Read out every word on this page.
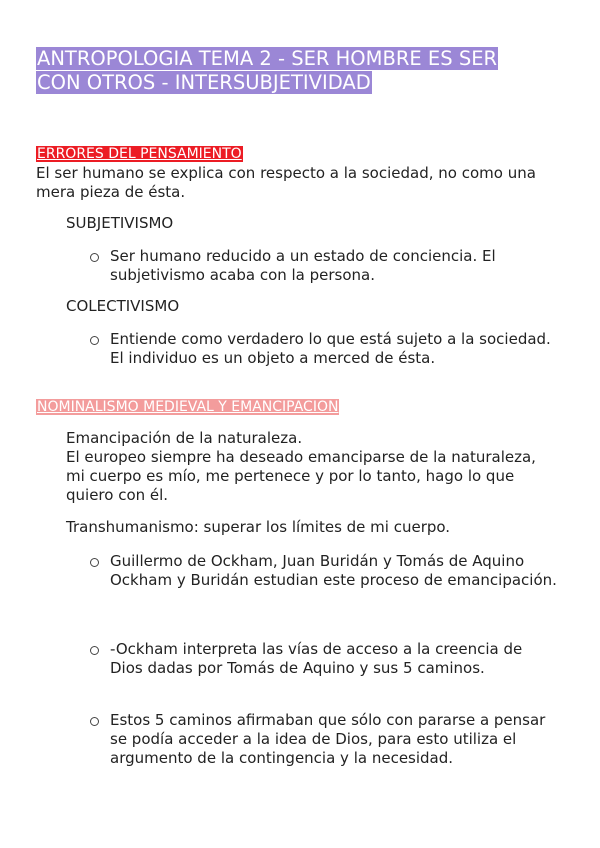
ANTROPOLOGIA TEMA 2 - SER HOMBRE ES SER CON OTROS - INTERSUBJETIVIDAD
ERRORES DEL PENSAMIENTO
El ser humano se explica con respecto a la sociedad, no como una mera pieza de ésta.
SUBJETIVISMO
Ser humano reducido a un estado de conciencia. El subjetivismo acaba con la persona.
COLECTIVISMO
Entiende como verdadero lo que está sujeto a la sociedad. El individuo es un objeto a merced de ésta.
NOMINALISMO MEDIEVAL Y EMANCIPACION
Emancipación de la naturaleza.
El europeo siempre ha deseado emanciparse de la naturaleza, mi cuerpo es mío, me pertenece y por lo tanto, hago lo que quiero con él.
Transhumanismo: superar los límites de mi cuerpo.
Guillermo de Ockham, Juan Buridán y Tomás de Aquino
Ockham y Buridán estudian este proceso de emancipación.
-Ockham interpreta las vías de acceso a la creencia de Dios dadas por Tomás de Aquino y sus 5 caminos.
Estos 5 caminos afirmaban que sólo con pararse a pensar se podía acceder a la idea de Dios, para esto utiliza el argumento de la contingencia y la necesidad.
